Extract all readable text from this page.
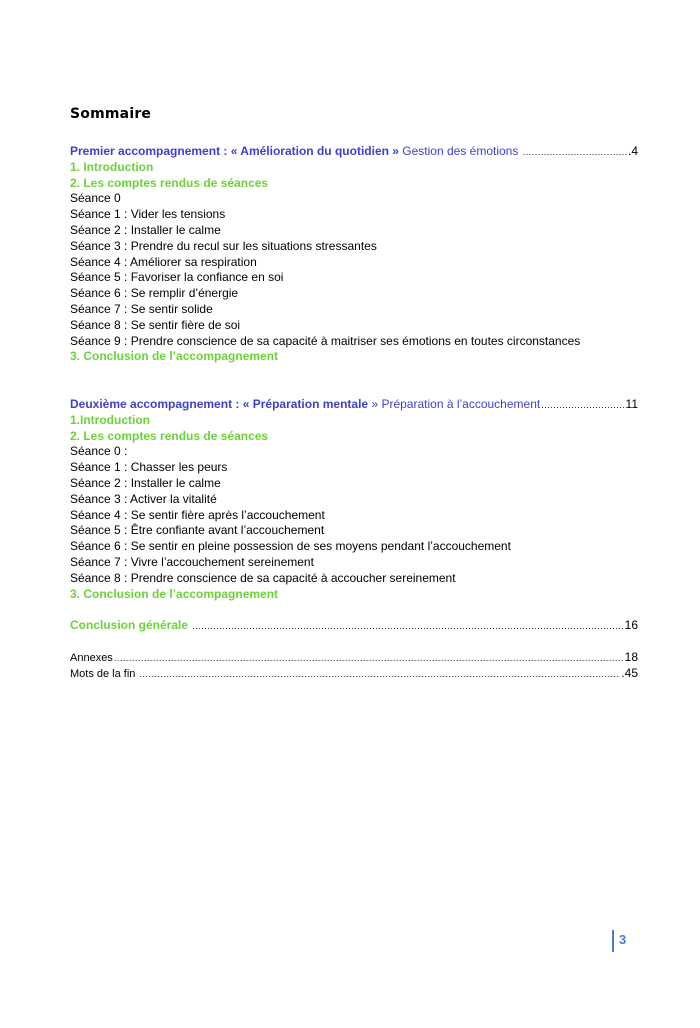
Sommaire
Premier accompagnement : « Amélioration du quotidien » Gestion des émotions .....	.4
1. Introduction
2. Les comptes rendus de séances
Séance 0
Séance 1 : Vider les tensions
Séance 2 : Installer le calme
Séance 3 : Prendre du recul sur les situations stressantes
Séance 4 : Améliorer sa respiration
Séance 5 : Favoriser la confiance en soi
Séance 6 : Se remplir d’énergie
Séance 7 : Se sentir solide
Séance 8 : Se sentir fière de soi
Séance 9 : Prendre conscience de sa capacité à maitriser ses émotions en toutes circonstances
3. Conclusion de l’accompagnement
Deuxième accompagnement : « Préparation mentale » Préparation à l’accouchement .....	11
1.Introduction
2. Les comptes rendus de séances
Séance 0 :
Séance 1 : Chasser les peurs
Séance 2 : Installer le calme
Séance 3 : Activer la vitalité
Séance 4 : Se sentir fière après l’accouchement
Séance 5 : Être confiante avant l’accouchement
Séance 6 : Se sentir en pleine possession de ses moyens pendant l’accouchement
Séance 7 : Vivre l’accouchement sereinement
Séance 8 : Prendre conscience de sa capacité à accoucher sereinement
3. Conclusion de l’accompagnement
Conclusion générale .....	16
Annexes .....	18
Mots de la fin .....	.45
3
